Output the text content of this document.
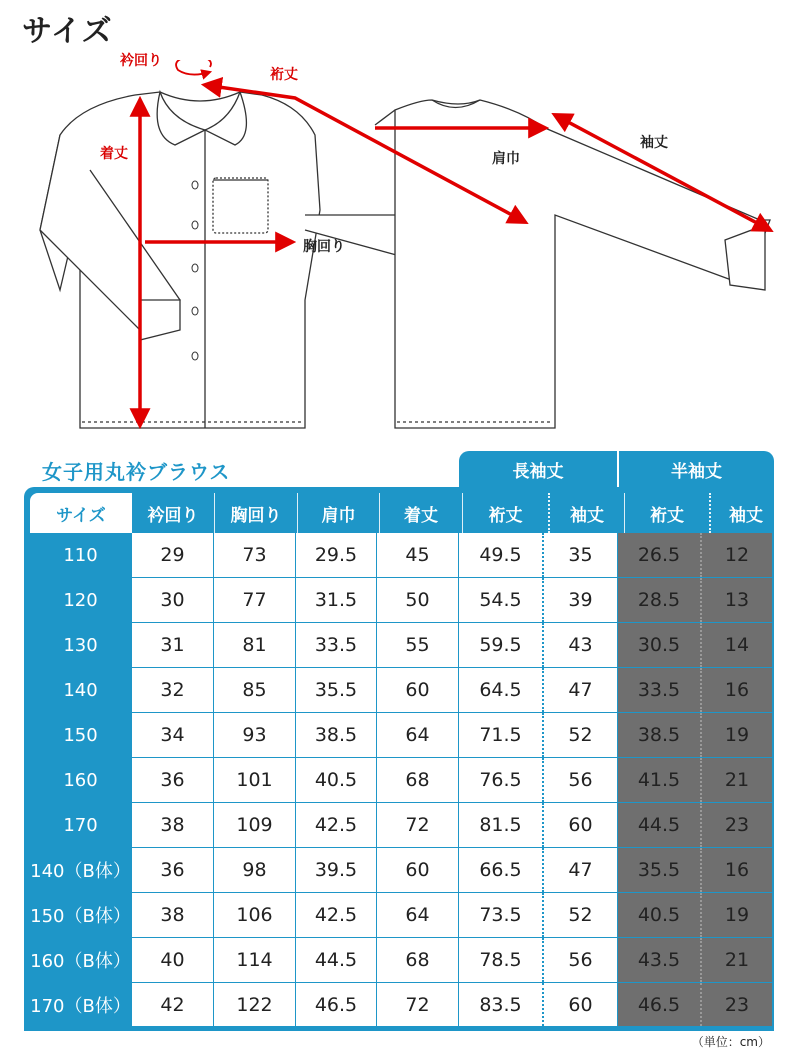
サイズ
衿回り
裄丈
着丈
胸回り
肩巾
袖丈
女子用丸衿ブラウス	長袖丈	半袖丈
サイズ	衿回り	胸回り	肩巾	着丈	裄丈	袖丈	裄丈	袖丈
110	29	73	29.5	45	49.5	35	26.5	12
120	30	77	31.5	50	54.5	39	28.5	13
130	31	81	33.5	55	59.5	43	30.5	14
140	32	85	35.5	60	64.5	47	33.5	16
150	34	93	38.5	64	71.5	52	38.5	19
160	36	101	40.5	68	76.5	56	41.5	21
170	38	109	42.5	72	81.5	60	44.5	23
140（B体）	36	98	39.5	60	66.5	47	35.5	16
150（B体）	38	106	42.5	64	73.5	52	40.5	19
160（B体）	40	114	44.5	68	78.5	56	43.5	21
170（B体）	42	122	46.5	72	83.5	60	46.5	23
（単位：cm）
